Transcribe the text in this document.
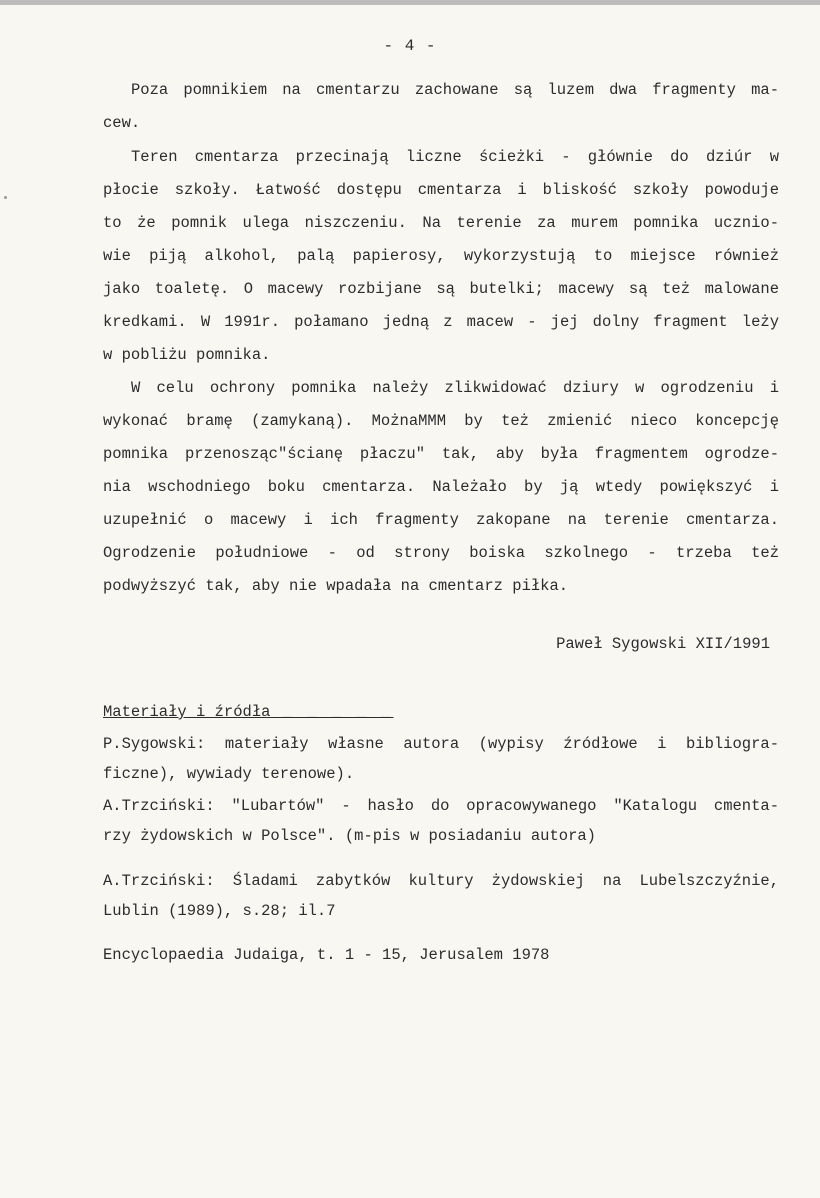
- 4 -
Poza pomnikiem na cmentarzu zachowane są luzem dwa fragmenty ma-
cew.
Teren cmentarza przecinają liczne ścieżki - głównie do dziúr w
płocie szkoły. Łatwość dostępu cmentarza i bliskość szkoły powoduje
to że pomnik ulega niszczeniu. Na terenie za murem pomnika ucznio-
wie piją alkohol, palą papierosy, wykorzystują to miejsce również
jako toaletę. O macewy rozbijane są butelki; macewy są też malowane
kredkami. W 1991r. połamano jedną z macew - jej dolny fragment leży
w pobliżu pomnika.
W celu ochrony pomnika należy zlikwidować dziury w ogrodzeniu i
wykonać bramę (zamykaną). MożnaMMM by też zmienić nieco koncepcję
pomnika przenosząc"ścianę płaczu" tak, aby była fragmentem ogrodze-
nia wschodniego boku cmentarza. Należało by ją wtedy powiększyć i
uzupełnić o macewy i ich fragmenty zakopane na terenie cmentarza.
Ogrodzenie południowe - od strony boiska szkolnego - trzeba też
podwyższyć tak, aby nie wpadała na cmentarz piłka.
Paweł Sygowski XII/1991
Materiały i źródła _ _ _ _ _
P.Sygowski: materiały własne autora (wypisy źródłowe i bibliogra-
ficzne), wywiady terenowe).
A.Trzciński: "Lubartów" - hasło do opracowywanego "Katalogu cmenta-
rzy żydowskich w Polsce". (m-pis w posiadaniu autora)
A.Trzciński: Śladami zabytków kultury żydowskiej na Lubelszczyźnie,
Lublin (1989), s.28; il.7
Encyclopaedia Judaiga, t. 1 - 15, Jerusalem 1978
